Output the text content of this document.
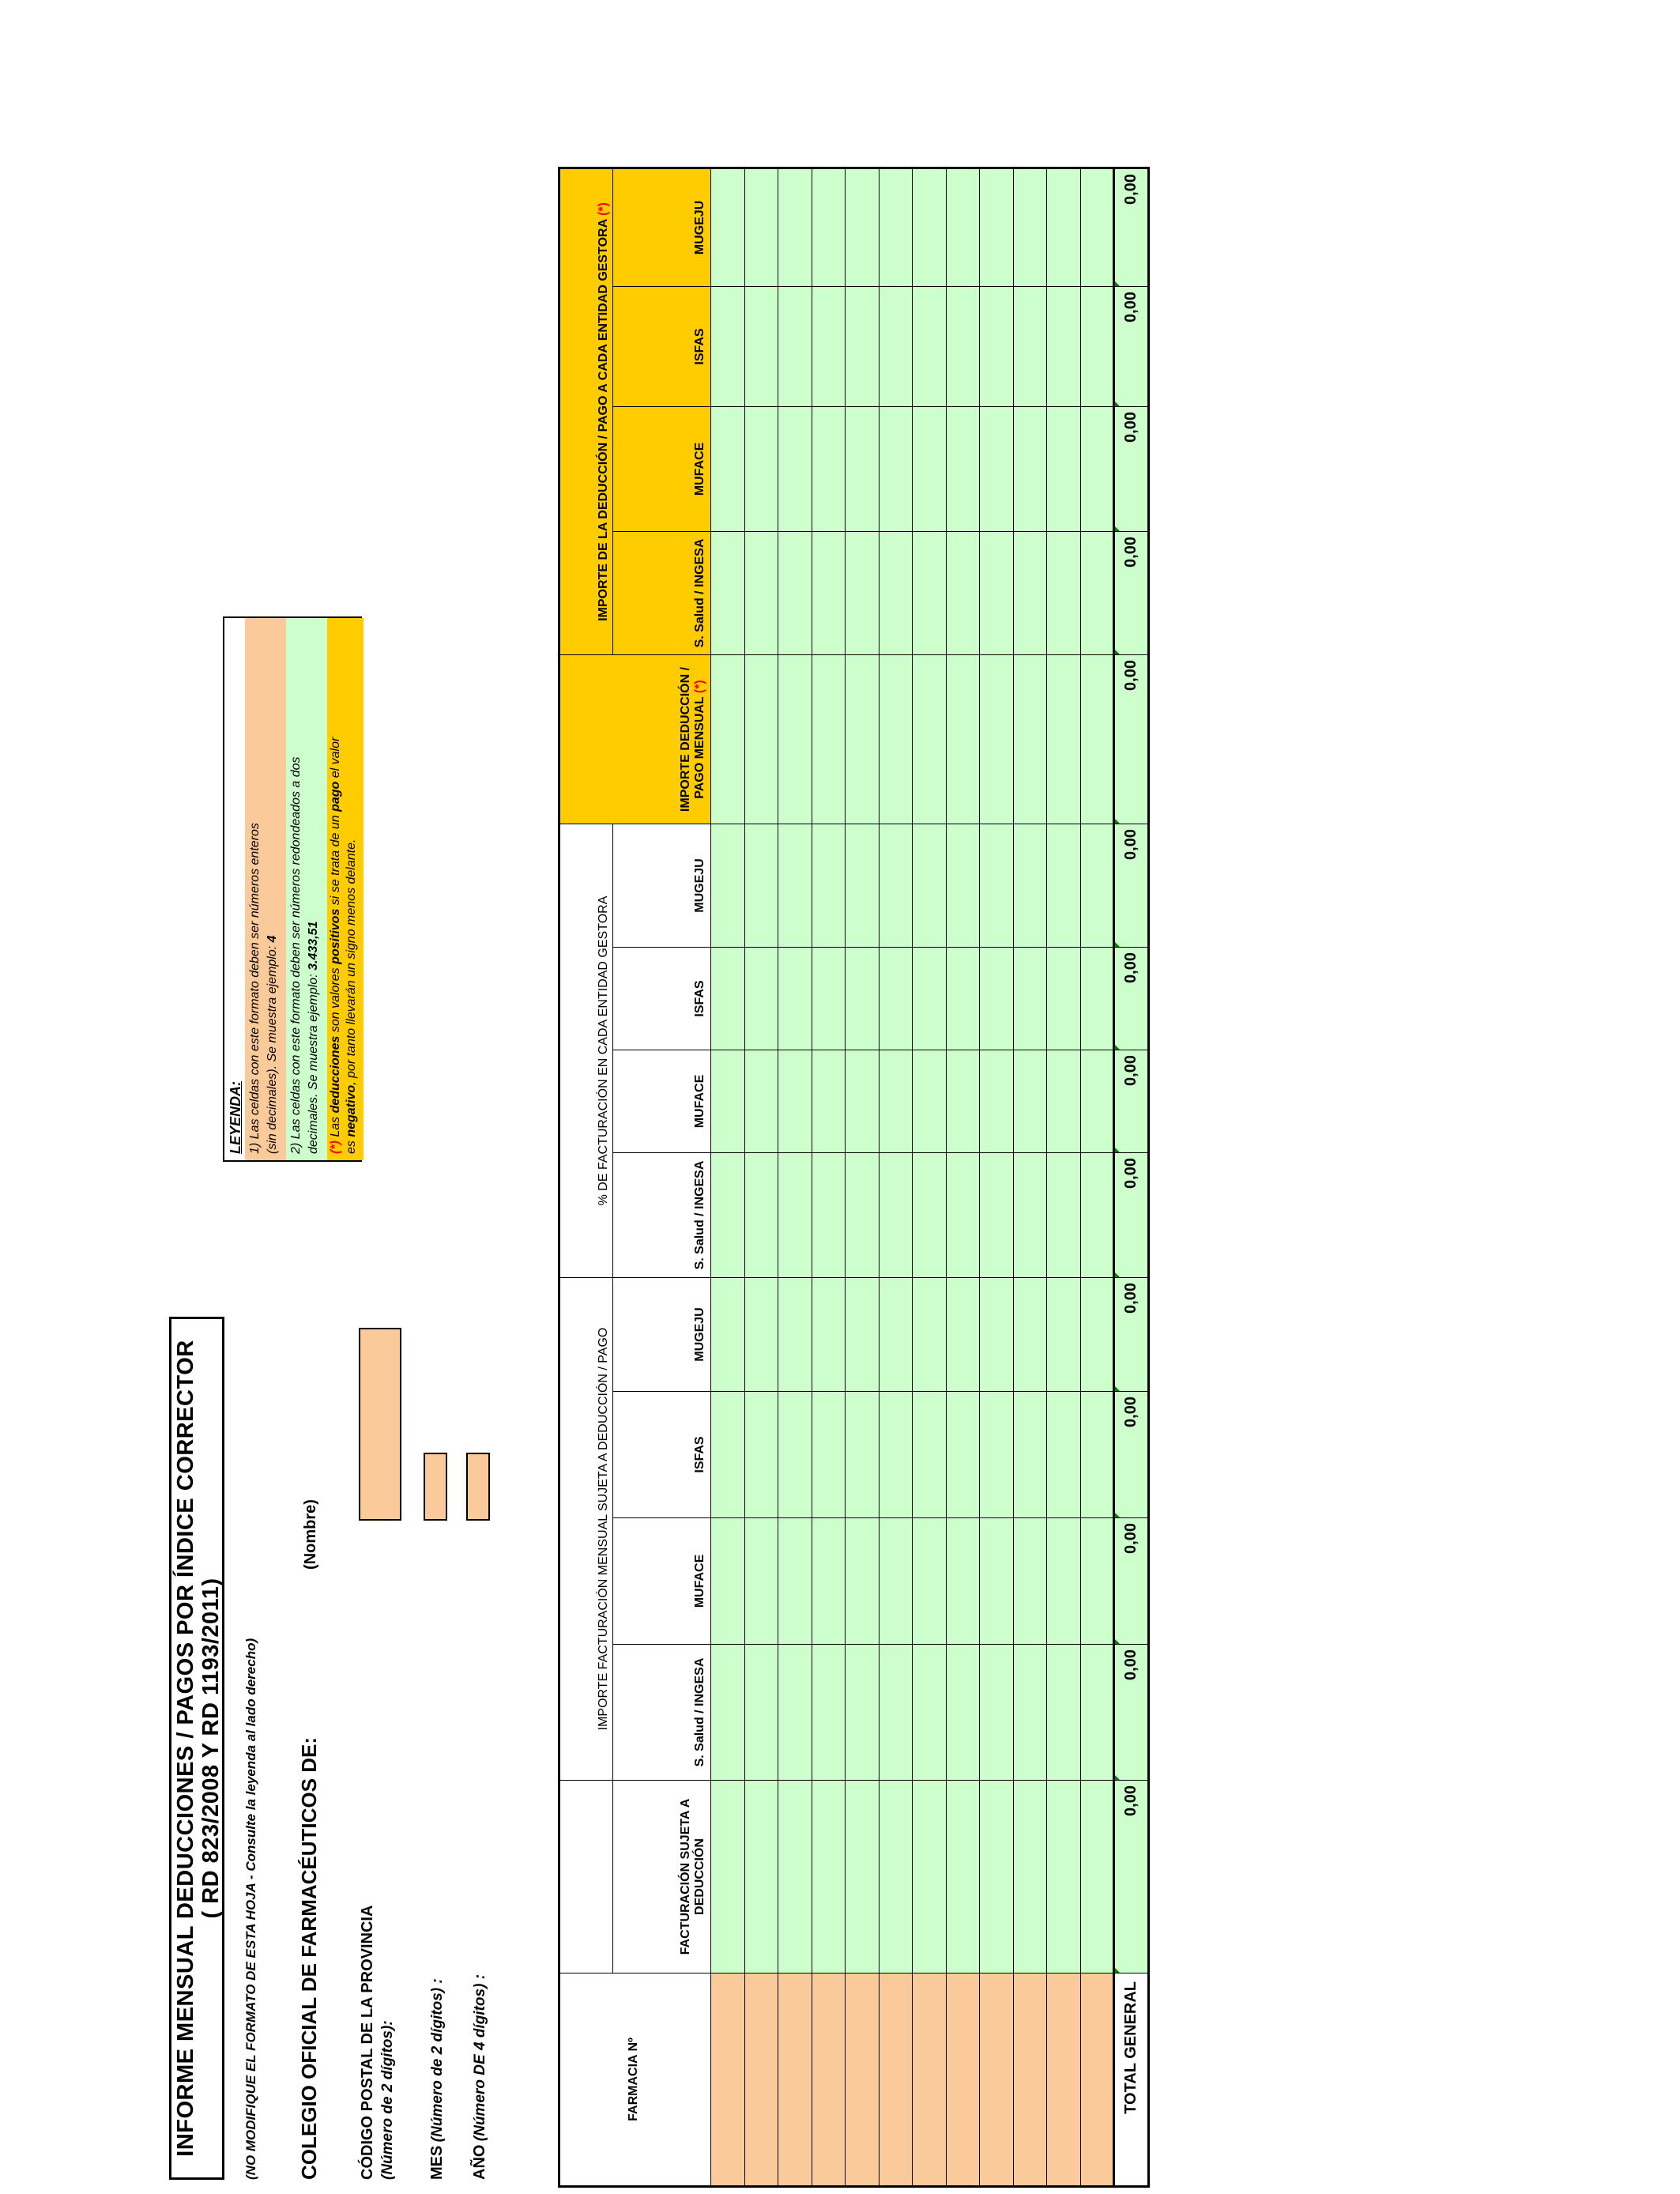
INFORME MENSUAL DEDUCCIONES / PAGOS POR ÍNDICE CORRECTOR ( RD 823/2008 Y RD 1193/2011) (NO MODIFIQUE EL FORMATO DE ESTA HOJA - Consulte la leyenda al lado derecho) COLEGIO OFICIAL DE FARMACÉUTICOS DE:
(Nombre)
CÓDIGO POSTAL DE LA PROVINCIA (Número de 2 dígitos): MES (Número de 2 dígitos) :
AÑO (Número DE 4 dígitos) :
LEYENDA: 1) Las celdas con este formato deben ser números enteros (sin decimales). Se muestra ejemplo: 4 2) Las celdas con este formato deben ser números redondeados a dos decimales. Se muestra ejemplo: 3.433,51
(*) Las deducciones son valores positivos si se trata de un pago el valor
es negativo, por tanto llevarán un signo menos delante.
FARMACIA Nº		IMPORTE FACTURACIÓN MENSUAL SUJETA A DEDUCCIÓN / PAGO				% DE FACTURACIÓN EN CADA ENTIDAD GESTORA				IMPORTE DEDUCCIÓN / PAGO MENSUAL (*)	IMPORTE DE LA DEDUCCIÓN / PAGO A CADA ENTIDAD GESTORA (*)			
	FACTURACIÓN SUJETA A DEDUCCIÓN	S. Salud / INGESA	MUFACE	ISFAS	MUGEJU	S. Salud / INGESA	MUFACE	ISFAS	MUGEJU		S. Salud / INGESA	MUFACE	ISFAS	MUGEJU

TOTAL GENERAL	0,00	0,00	0,00	0,00	0,00	0,00	0,00	0,00	0,00	0,00	0,00	0,00	0,00	0,00
